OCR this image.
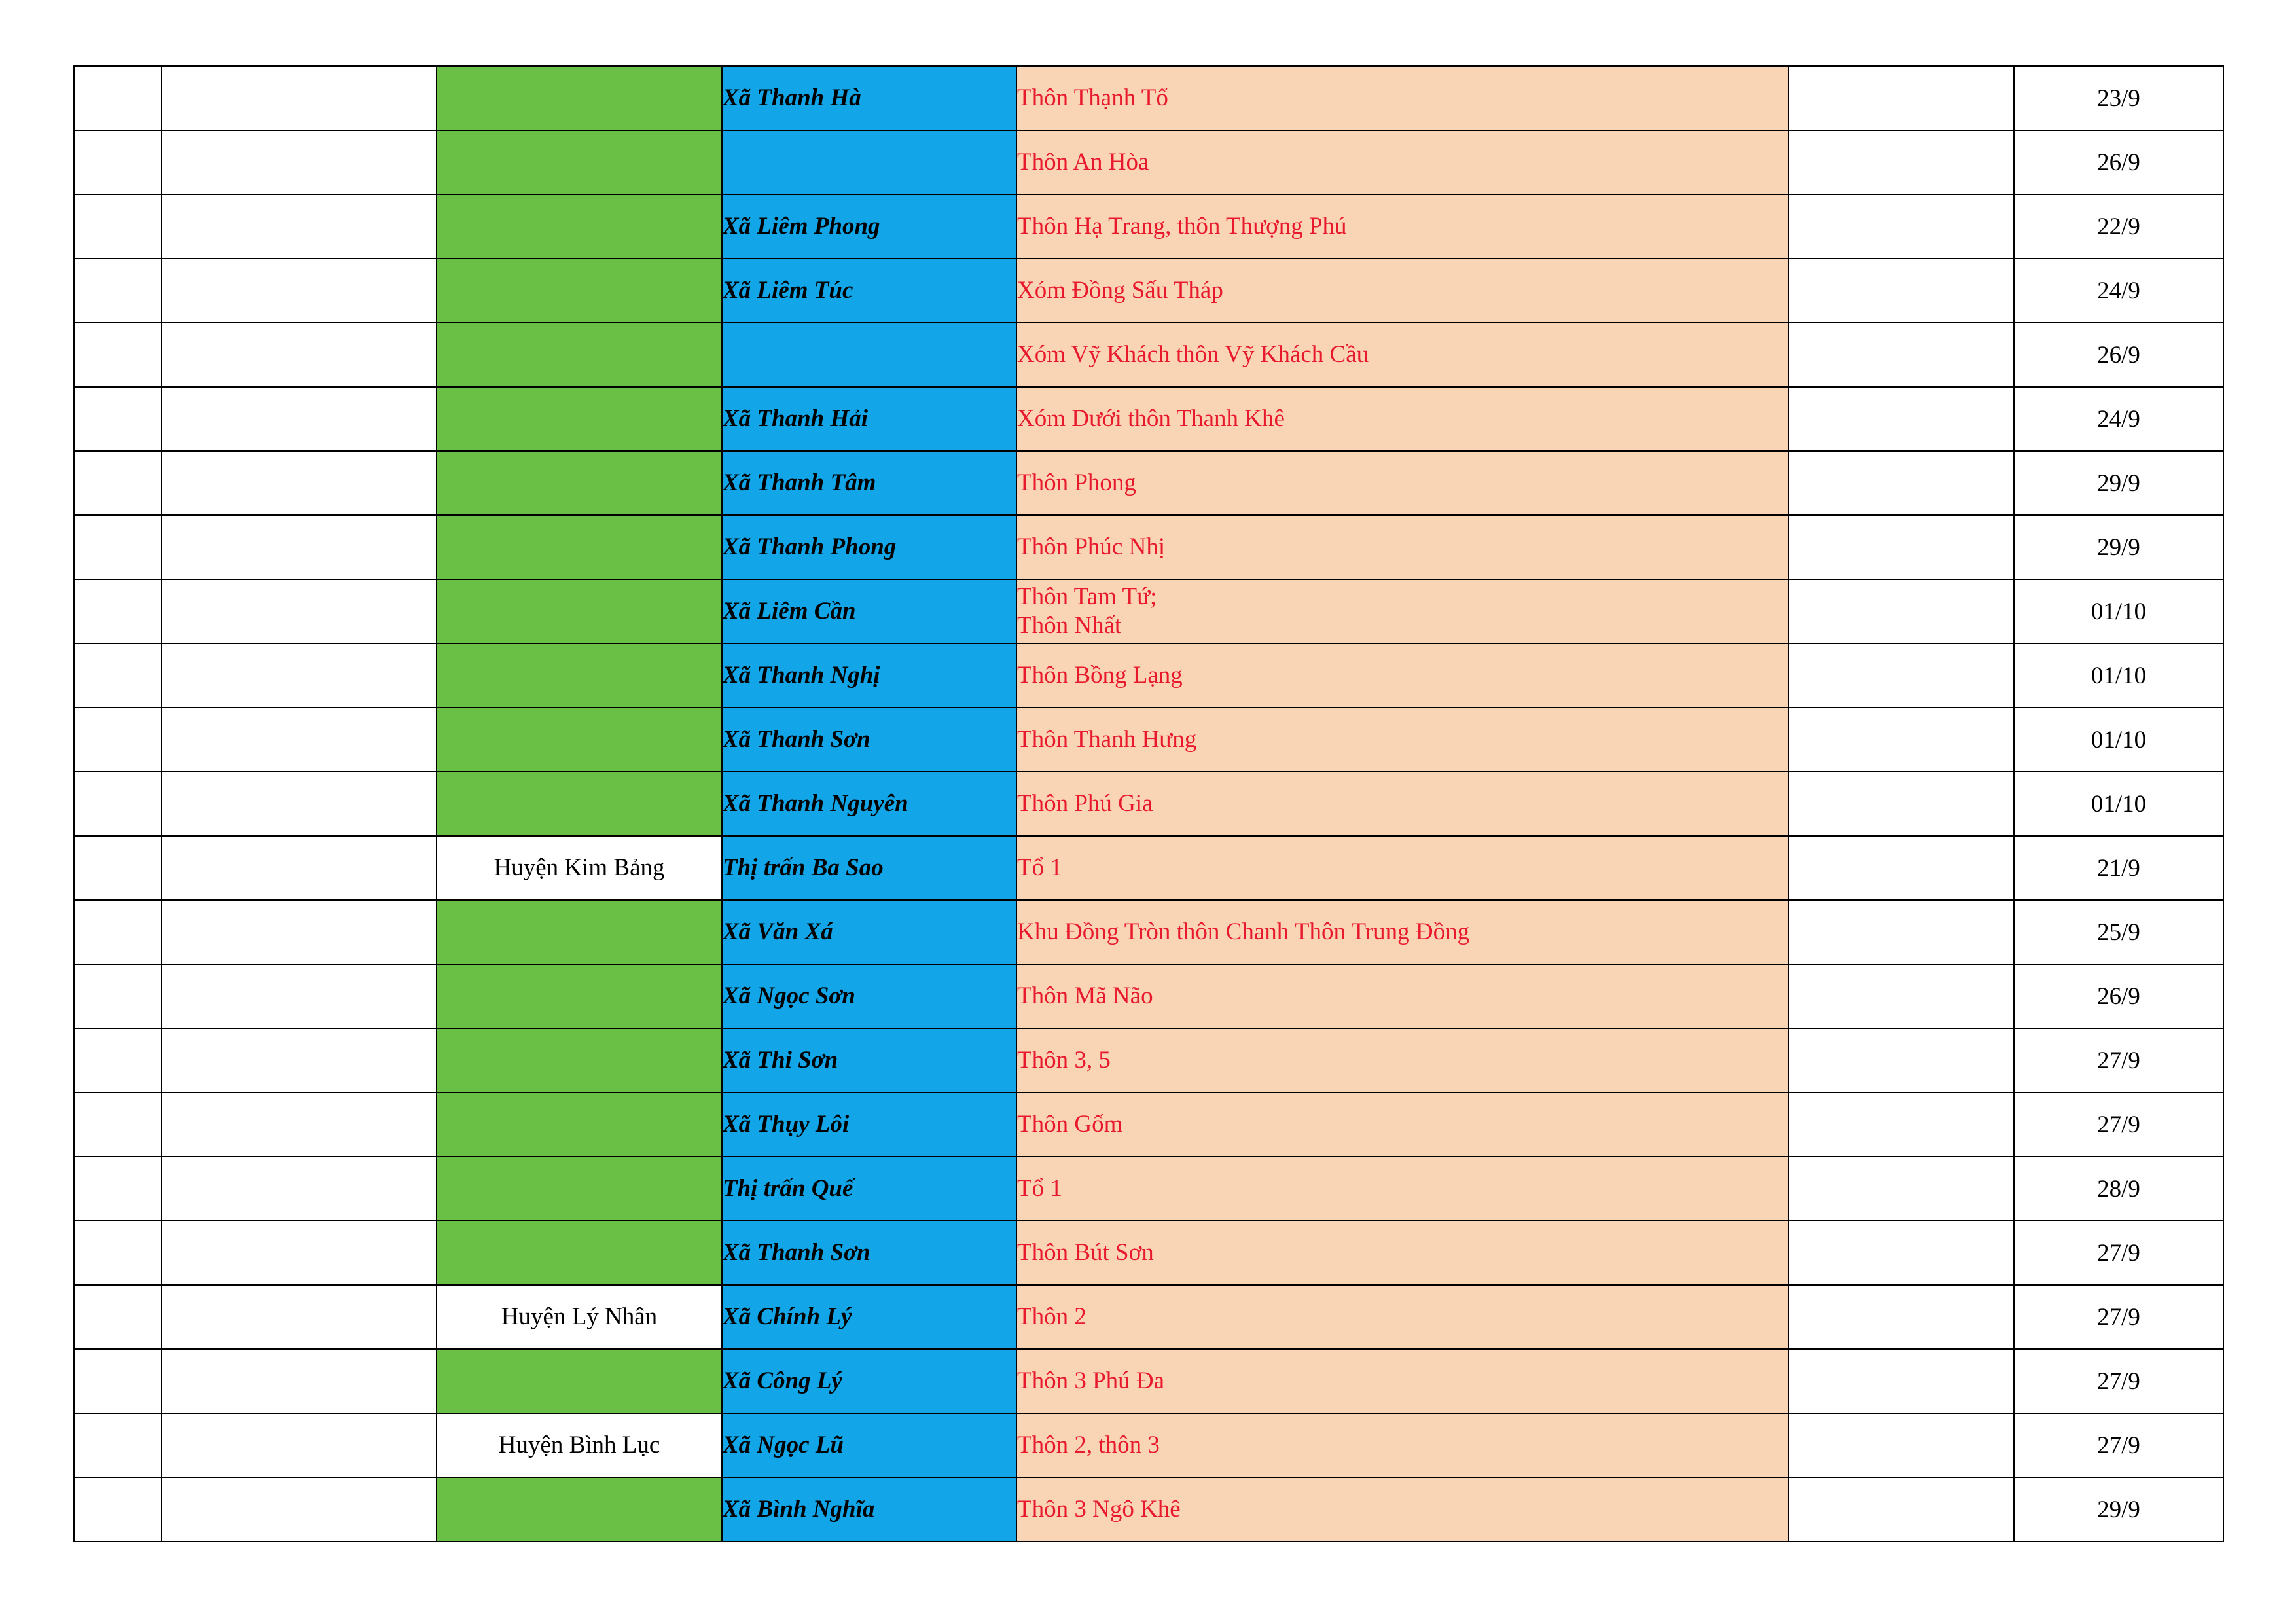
			Xã Thanh Hà	Thôn Thạnh Tổ		23/9
				Thôn An Hòa		26/9
			Xã Liêm Phong	Thôn Hạ Trang, thôn Thượng Phú		22/9
			Xã Liêm Túc	Xóm Đồng Sấu Tháp		24/9
				Xóm Vỹ Khách thôn Vỹ Khách Cầu		26/9
			Xã Thanh Hải	Xóm Dưới thôn Thanh Khê		24/9
			Xã Thanh Tâm	Thôn Phong		29/9
			Xã Thanh Phong	Thôn Phúc Nhị		29/9
			Xã Liêm Cần	Thôn Tam Tứ;
Thôn Nhất		01/10
			Xã Thanh Nghị	Thôn Bồng Lạng		01/10
			Xã Thanh Sơn	Thôn Thanh Hưng		01/10
			Xã Thanh Nguyên	Thôn Phú Gia		01/10
		Huyện Kim Bảng	Thị trấn Ba Sao	Tổ 1		21/9
			Xã Văn Xá	Khu Đồng Tròn thôn Chanh Thôn Trung Đồng		25/9
			Xã Ngọc Sơn	Thôn Mã Não		26/9
			Xã Thi Sơn	Thôn 3, 5		27/9
			Xã Thụy Lôi	Thôn Gốm		27/9
			Thị trấn Quế	Tổ 1		28/9
			Xã Thanh Sơn	Thôn Bút Sơn		27/9
		Huyện Lý Nhân	Xã Chính Lý	Thôn 2		27/9
			Xã Công Lý	Thôn 3 Phú Đa		27/9
		Huyện Bình Lục	Xã Ngọc Lũ	Thôn 2, thôn 3		27/9
			Xã Bình Nghĩa	Thôn 3 Ngô Khê		29/9
